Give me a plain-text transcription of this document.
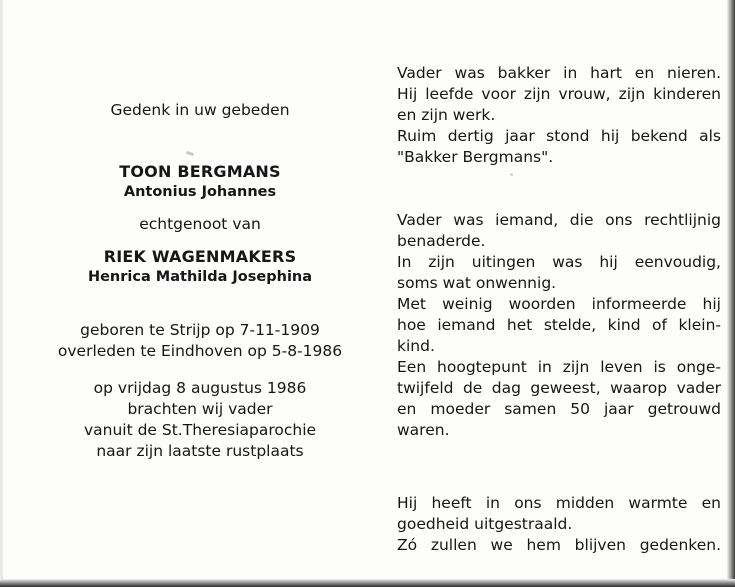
Gedenk in uw gebeden
TOON BERGMANS
Antonius Johannes
echtgenoot van
RIEK WAGENMAKERS
Henrica Mathilda Josephina
geboren te Strijp op 7-11-1909
overleden te Eindhoven op 5-8-1986
op vrijdag 8 augustus 1986
brachten wij vader
vanuit de St.Theresiaparochie
naar zijn laatste rustplaats
Vader was bakker in hart en nieren.
Hij leefde voor zijn vrouw, zijn kinderen
en zijn werk.
Ruim dertig jaar stond hij bekend als
"Bakker Bergmans".
Vader was iemand, die ons rechtlijnig
benaderde.
In zijn uitingen was hij eenvoudig,
soms wat onwennig.
Met weinig woorden informeerde hij
hoe iemand het stelde, kind of klein-
kind.
Een hoogtepunt in zijn leven is onge-
twijfeld de dag geweest, waarop vader
en moeder samen 50 jaar getrouwd
waren.
Hij heeft in ons midden warmte en
goedheid uitgestraald.
Zó zullen we hem blijven gedenken.
